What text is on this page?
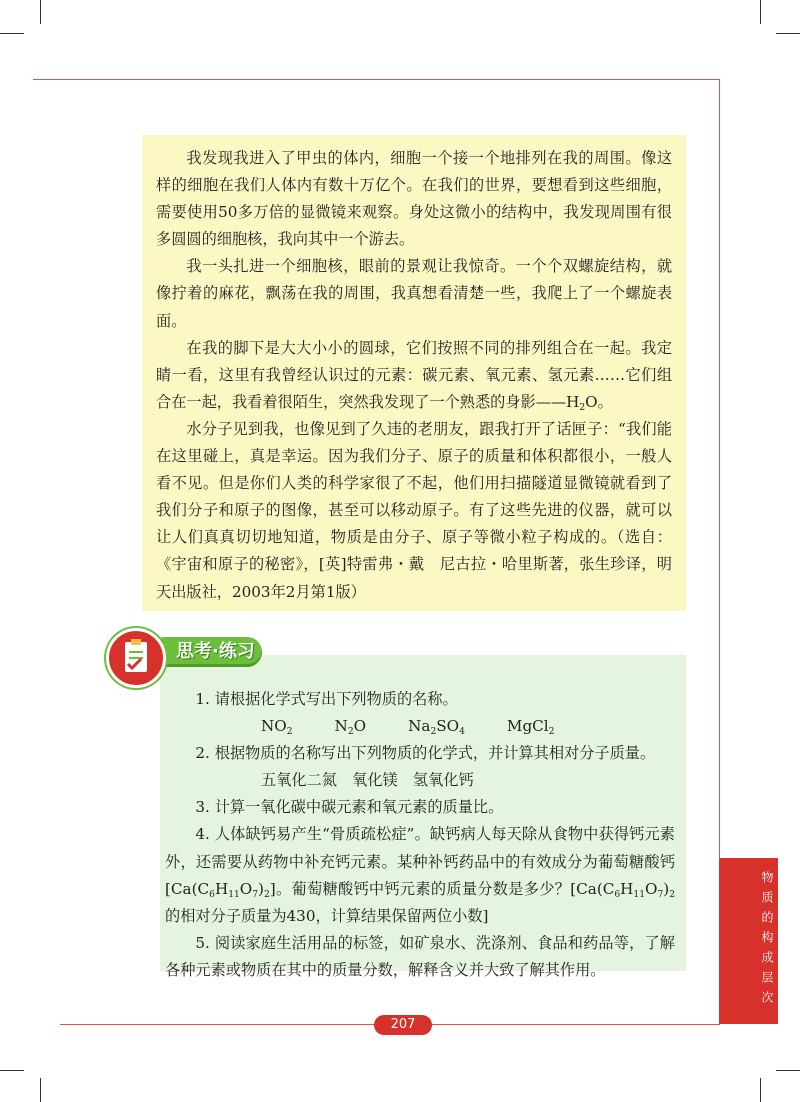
我发现我进入了甲虫的体内，细胞一个接一个地排列在我的周围。像这样的细胞在我们人体内有数十万亿个。在我们的世界，要想看到这些细胞，需要使用50多万倍的显微镜来观察。身处这微小的结构中，我发现周围有很多圆圆的细胞核，我向其中一个游去。

我一头扎进一个细胞核，眼前的景观让我惊奇。一个个双螺旋结构，就像拧着的麻花，飘荡在我的周围，我真想看清楚一些，我爬上了一个螺旋表面。

在我的脚下是大大小小的圆球，它们按照不同的排列组合在一起。我定睛一看，这里有我曾经认识过的元素：碳元素、氧元素、氢元素……它们组合在一起，我看着很陌生，突然我发现了一个熟悉的身影$——H_2O$。

水分子见到我，也像见到了久违的老朋友，跟我打开了话匣子：“我们能在这里碰上，真是幸运。因为我们分子、原子的质量和体积都很小，一般人看不见。但是你们人类的科学家很了不起，他们用扫描隧道显微镜就看到了我们分子和原子的图像，甚至可以移动原子。有了这些先进的仪器，就可以让人们真真切切地知道，物质是由分子、原子等微小粒子构成的。（选自：《宇宙和原子的秘密》，[英]特雷弗・戴　尼古拉・哈里斯著，张生珍译，明天出版社，2003年2月第1版）

思考·练习

1. 请根据化学式写出下列物质的名称。

$NO_2$	$N_2O$	$Na_2SO_4$	MgCl$_2$

2. 根据物质的名称写出下列物质的化学式，并计算其相对分子质量。

五氧化二氮　氧化镁　氢氧化钙

3. 计算一氧化碳中碳元素和氧元素的质量比。

4. 人体缺钙易产生“骨质疏松症”。缺钙病人每天除从食物中获得钙元素外，还需要从药物中补充钙元素。某种补钙药品中的有效成分为葡萄糖酸钙$[Ca(C_6H_{11}O_7)_2]$。葡萄糖酸钙中钙元素的质量分数是多少？[$Ca(C_6H_{11}O_7)_2$的相对分子质量为430，计算结果保留两位小数]

5. 阅读家庭生活用品的标签，如矿泉水、洗涤剂、食品和药品等，了解各种元素或物质在其中的质量分数，解释含义并大致了解其作用。

207
物质的构成层次
